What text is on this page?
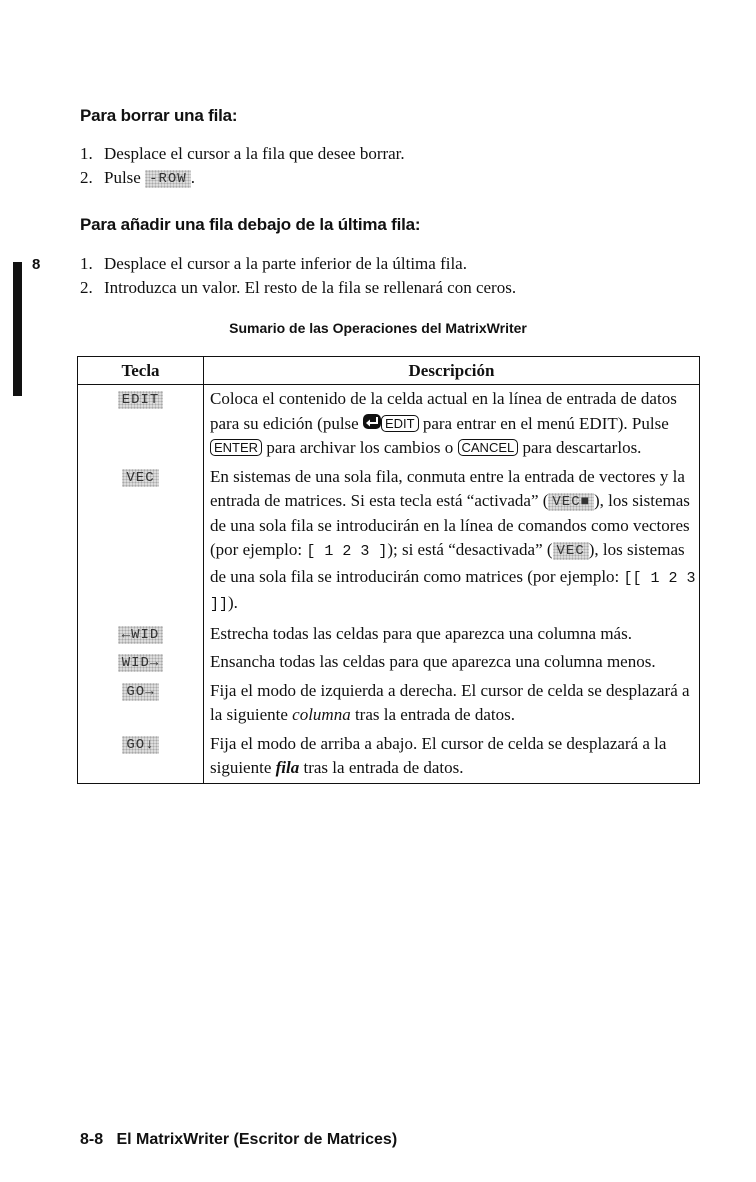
Para borrar una fila:
1. Desplace el cursor a la fila que desee borrar.
2. Pulse -ROW .
Para añadir una fila debajo de la última fila:
1. Desplace el cursor a la parte inferior de la última fila.
2. Introduzca un valor. El resto de la fila se rellenará con ceros.
8
Sumario de las Operaciones del MatrixWriter
Tecla	Descripción
EDIT	Coloca el contenido de la celda actual en la línea de entrada de datos para su edición (pulse EDIT para entrar en el menú EDIT). Pulse ENTER para archivar los cambios o CANCEL para descartarlos.
VEC	En sistemas de una sola fila, conmuta entre la entrada de vectores y la entrada de matrices. Si esta tecla está “activada” ( VEC■ ), los sistemas de una sola fila se introducirán en la línea de comandos como vectores (por ejemplo: [ 1 2 3 ]); si está “desactivada” ( VEC ), los sistemas de una sola fila se introducirán como matrices (por ejemplo: [[ 1 2 3 ]]).
←WID	Estrecha todas las celdas para que aparezca una columna más.
WID→	Ensancha todas las celdas para que aparezca una columna menos.
GO→	Fija el modo de izquierda a derecha. El cursor de celda se desplazará a la siguiente columna tras la entrada de datos.
GO↓	Fija el modo de arriba a abajo. El cursor de celda se desplazará a la siguiente fila tras la entrada de datos.

8-8 El MatrixWriter (Escritor de Matrices)
